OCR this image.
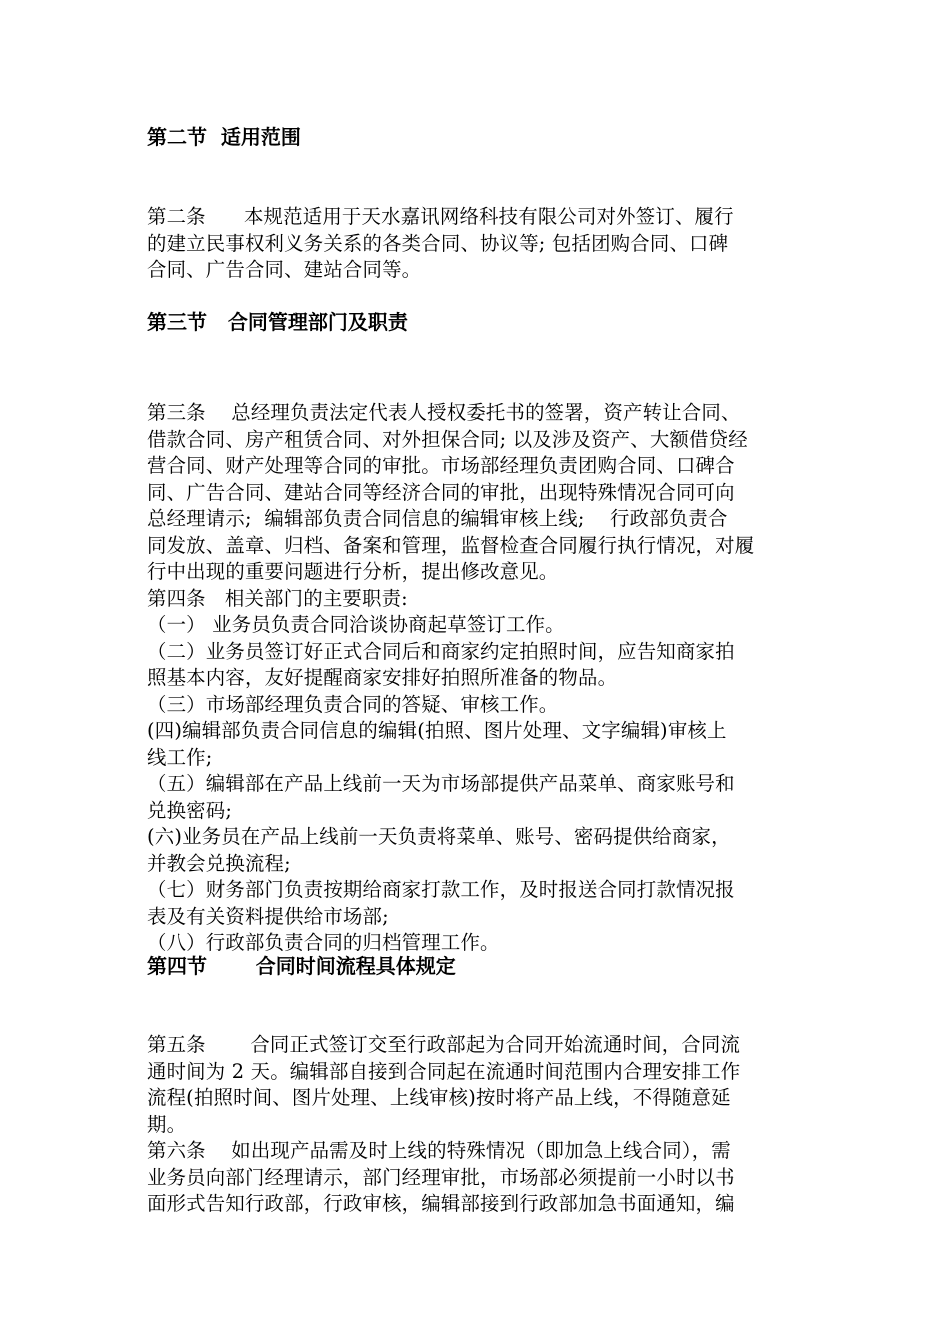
第二节  适用范围
第二条      本规范适用于天水嘉讯网络科技有限公司对外签订、履行
的建立民事权利义务关系的各类合同、协议等; 包括团购合同、口碑
合同、广告合同、建站合同等。
第三节   合同管理部门及职责
第三条    总经理负责法定代表人授权委托书的签署，资产转让合同、
借款合同、房产租赁合同、对外担保合同; 以及涉及资产、大额借贷经
营合同、财产处理等合同的审批。市场部经理负责团购合同、口碑合
同、广告合同、建站合同等经济合同的审批，出现特殊情况合同可向
总经理请示;  编辑部负责合同信息的编辑审核上线;    行政部负责合
同发放、盖章、归档、备案和管理，监督检查合同履行执行情况，对履
行中出现的重要问题进行分析，提出修改意见。
第四条   相关部门的主要职责:
（一） 业务员负责合同洽谈协商起草签订工作。
（二）业务员签订好正式合同后和商家约定拍照时间，应告知商家拍
照基本内容，友好提醒商家安排好拍照所准备的物品。
（三）市场部经理负责合同的答疑、审核工作。
(四)编辑部负责合同信息的编辑(拍照、图片处理、文字编辑)审核上
线工作;
（五）编辑部在产品上线前一天为市场部提供产品菜单、商家账号和
兑换密码;
(六)业务员在产品上线前一天负责将菜单、账号、密码提供给商家，
并教会兑换流程;
（七）财务部门负责按期给商家打款工作，及时报送合同打款情况报
表及有关资料提供给市场部;
（八）行政部负责合同的归档管理工作。
第四节       合同时间流程具体规定
第五条       合同正式签订交至行政部起为合同开始流通时间，合同流
通时间为 2 天。编辑部自接到合同起在流通时间范围内合理安排工作
流程(拍照时间、图片处理、上线审核)按时将产品上线，不得随意延
期。
第六条    如出现产品需及时上线的特殊情况（即加急上线合同），需
业务员向部门经理请示，部门经理审批，市场部必须提前一小时以书
面形式告知行政部，行政审核，编辑部接到行政部加急书面通知，编
